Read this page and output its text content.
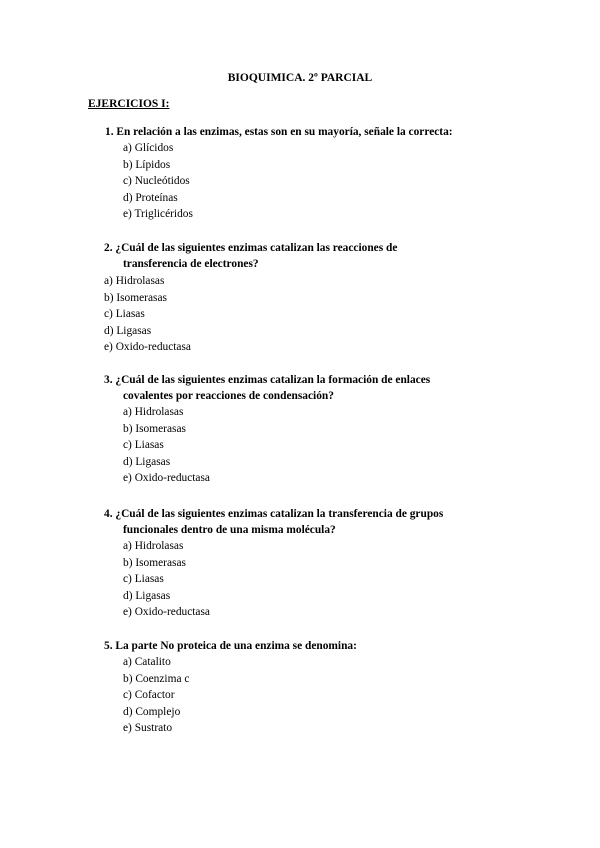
BIOQUIMICA. 2º PARCIAL
EJERCICIOS I:
1. En relación a las enzimas, estas son en su mayoría, señale la correcta:
a) Glícidos
b) Lípidos
c) Nucleótidos
d) Proteínas
e) Triglicéridos
2. ¿Cuál de las siguientes enzimas catalizan las reacciones de
transferencia de electrones?
a) Hidrolasas
b) Isomerasas
c) Liasas
d) Ligasas
e) Oxido-reductasa
3. ¿Cuál de las siguientes enzimas catalizan la formación de enlaces
covalentes por reacciones de condensación?
a) Hidrolasas
b) Isomerasas
c) Liasas
d) Ligasas
e) Oxido-reductasa
4. ¿Cuál de las siguientes enzimas catalizan la transferencia de grupos
funcionales dentro de una misma molécula?
a) Hidrolasas
b) Isomerasas
c) Liasas
d) Ligasas
e) Oxido-reductasa
5. La parte No proteica de una enzima se denomina:
a) Catalito
b) Coenzima c
c) Cofactor
d) Complejo
e) Sustrato
